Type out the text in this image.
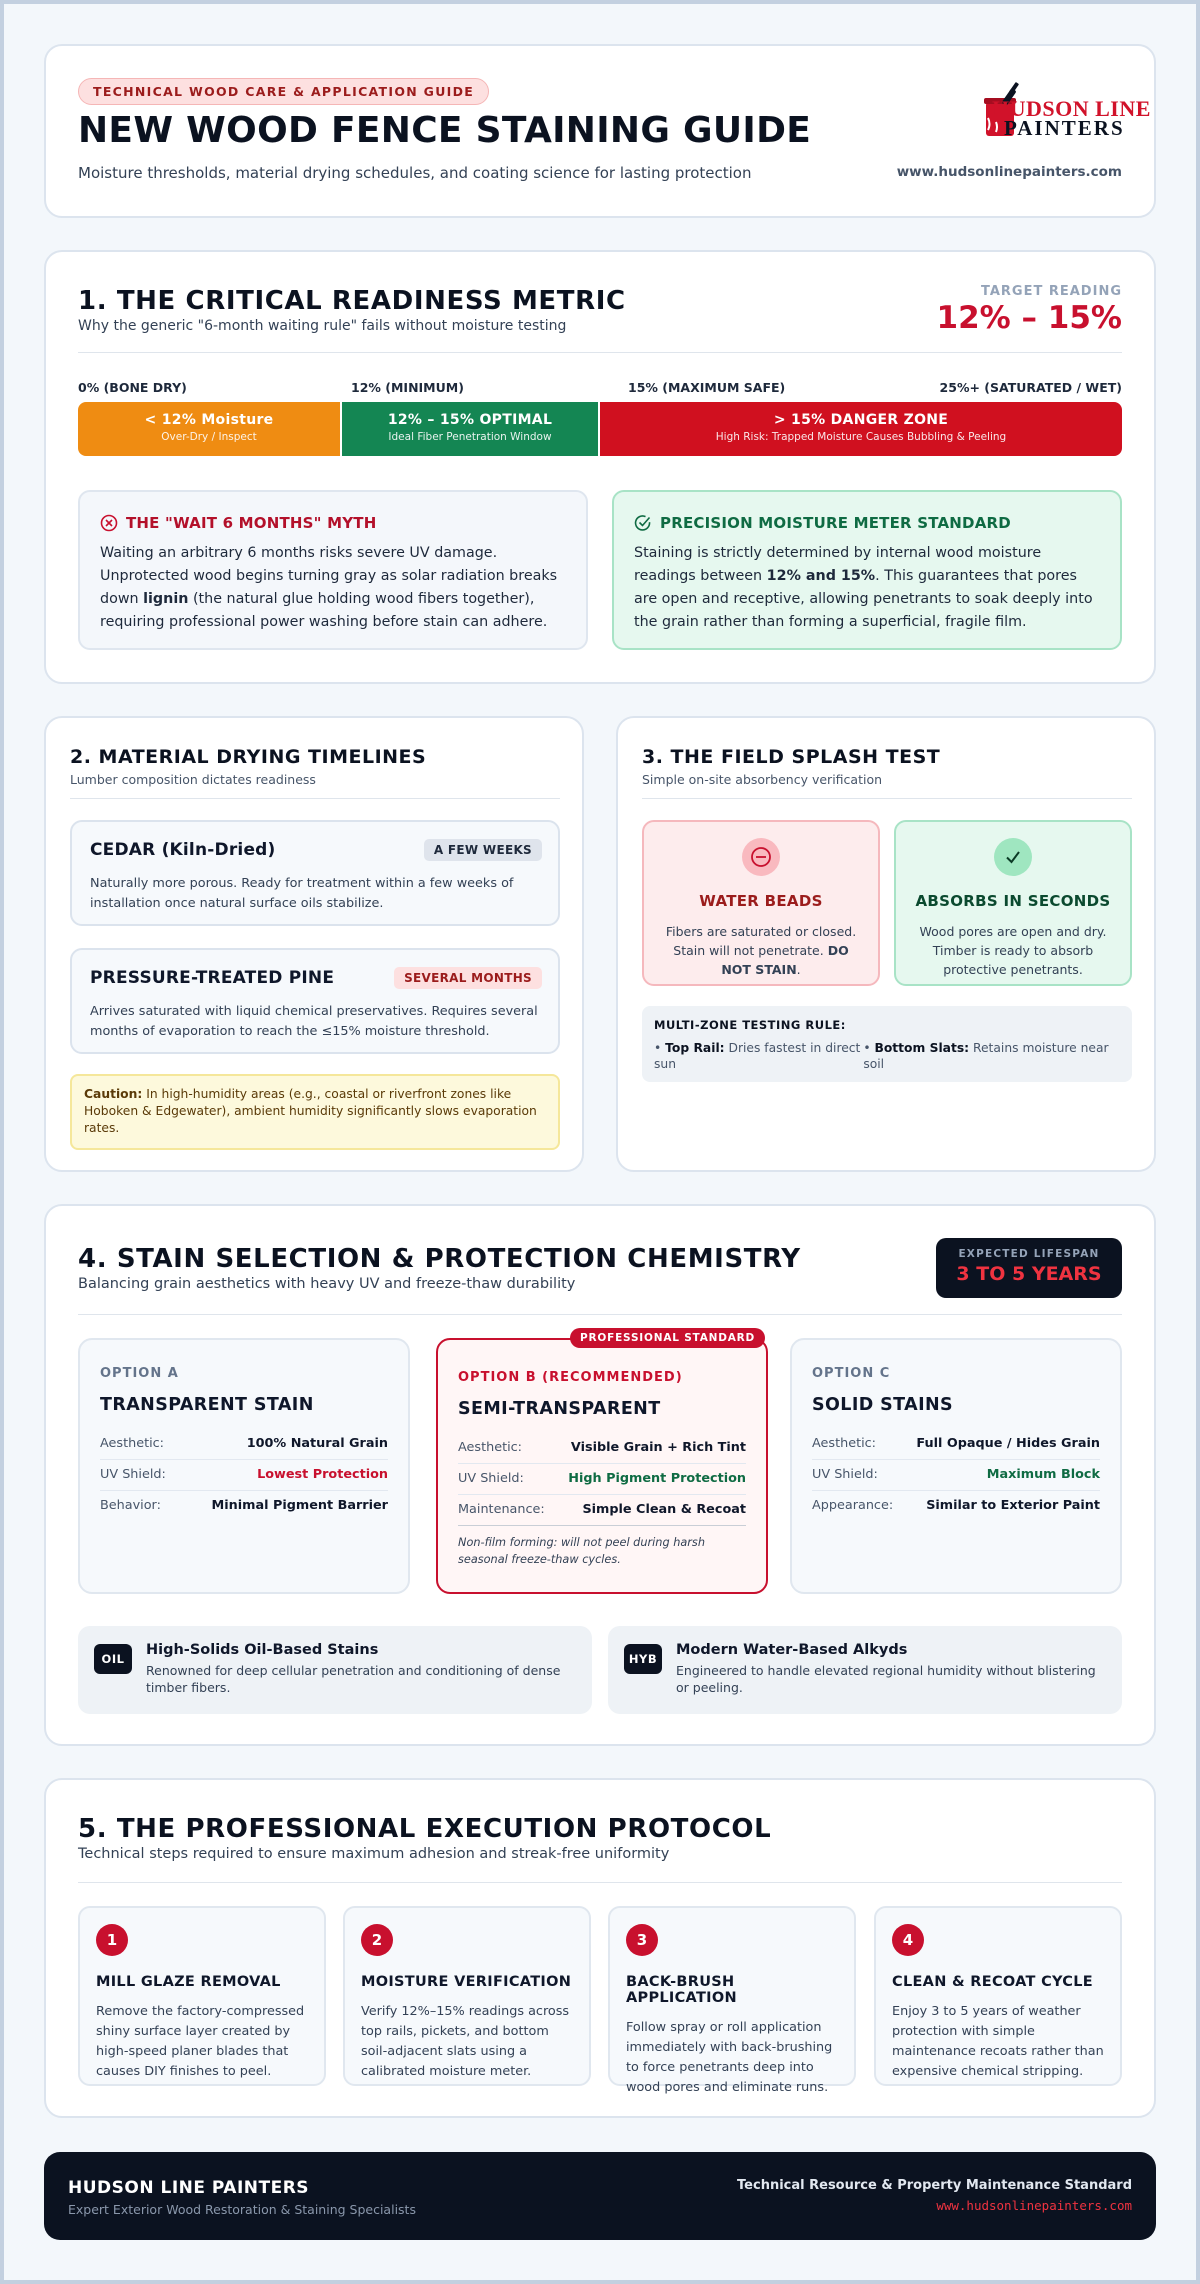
TECHNICAL WOOD CARE & APPLICATION GUIDE
NEW WOOD FENCE STAINING GUIDE
Moisture thresholds, material drying schedules, and coating science for lasting protection
HUDSON LINE
PAINTERS
www.hudsonlinepainters.com
1. THE CRITICAL READINESS METRIC
Why the generic "6-month waiting rule" fails without moisture testing
TARGET READING
12% – 15%
0% (BONE DRY)	12% (MINIMUM)	15% (MAXIMUM SAFE)	25%+ (SATURATED / WET)
< 12% Moisture
Over-Dry / Inspect
12% – 15% OPTIMAL
Ideal Fiber Penetration Window
> 15% DANGER ZONE
High Risk: Trapped Moisture Causes Bubbling & Peeling
THE "WAIT 6 MONTHS" MYTH
Waiting an arbitrary 6 months risks severe UV damage. Unprotected wood begins turning gray as solar radiation breaks down lignin (the natural glue holding wood fibers together), requiring professional power washing before stain can adhere.
PRECISION MOISTURE METER STANDARD
Staining is strictly determined by internal wood moisture readings between 12% and 15%. This guarantees that pores are open and receptive, allowing penetrants to soak deeply into the grain rather than forming a superficial, fragile film.
2. MATERIAL DRYING TIMELINES
Lumber composition dictates readiness
CEDAR (Kiln-Dried)	A FEW WEEKS
Naturally more porous. Ready for treatment within a few weeks of installation once natural surface oils stabilize.
PRESSURE-TREATED PINE	SEVERAL MONTHS
Arrives saturated with liquid chemical preservatives. Requires several months of evaporation to reach the ≤15% moisture threshold.
Caution: In high-humidity areas (e.g., coastal or riverfront zones like Hoboken & Edgewater), ambient humidity significantly slows evaporation rates.
3. THE FIELD SPLASH TEST
Simple on-site absorbency verification
WATER BEADS
Fibers are saturated or closed. Stain will not penetrate. DO NOT STAIN.
ABSORBS IN SECONDS
Wood pores are open and dry. Timber is ready to absorb protective penetrants.
MULTI-ZONE TESTING RULE:
• Top Rail: Dries fastest in direct sun
• Bottom Slats: Retains moisture near soil
4. STAIN SELECTION & PROTECTION CHEMISTRY
Balancing grain aesthetics with heavy UV and freeze-thaw durability
EXPECTED LIFESPAN
3 TO 5 YEARS
OPTION A
TRANSPARENT STAIN
Aesthetic:	100% Natural Grain
UV Shield:	Lowest Protection
Behavior:	Minimal Pigment Barrier
PROFESSIONAL STANDARD
OPTION B (RECOMMENDED)
SEMI-TRANSPARENT
Aesthetic:	Visible Grain + Rich Tint
UV Shield:	High Pigment Protection
Maintenance:	Simple Clean & Recoat
Non-film forming: will not peel during harsh seasonal freeze-thaw cycles.
OPTION C
SOLID STAINS
Aesthetic:	Full Opaque / Hides Grain
UV Shield:	Maximum Block
Appearance:	Similar to Exterior Paint
OIL
High-Solids Oil-Based Stains
Renowned for deep cellular penetration and conditioning of dense timber fibers.
HYB
Modern Water-Based Alkyds
Engineered to handle elevated regional humidity without blistering or peeling.
5. THE PROFESSIONAL EXECUTION PROTOCOL
Technical steps required to ensure maximum adhesion and streak-free uniformity
1
MILL GLAZE REMOVAL
Remove the factory-compressed shiny surface layer created by high-speed planer blades that causes DIY finishes to peel.
2
MOISTURE VERIFICATION
Verify 12%–15% readings across top rails, pickets, and bottom soil-adjacent slats using a calibrated moisture meter.
3
BACK-BRUSH APPLICATION
Follow spray or roll application immediately with back-brushing to force penetrants deep into wood pores and eliminate runs.
4
CLEAN & RECOAT CYCLE
Enjoy 3 to 5 years of weather protection with simple maintenance recoats rather than expensive chemical stripping.
HUDSON LINE PAINTERS
Expert Exterior Wood Restoration & Staining Specialists
Technical Resource & Property Maintenance Standard
www.hudsonlinepainters.com
